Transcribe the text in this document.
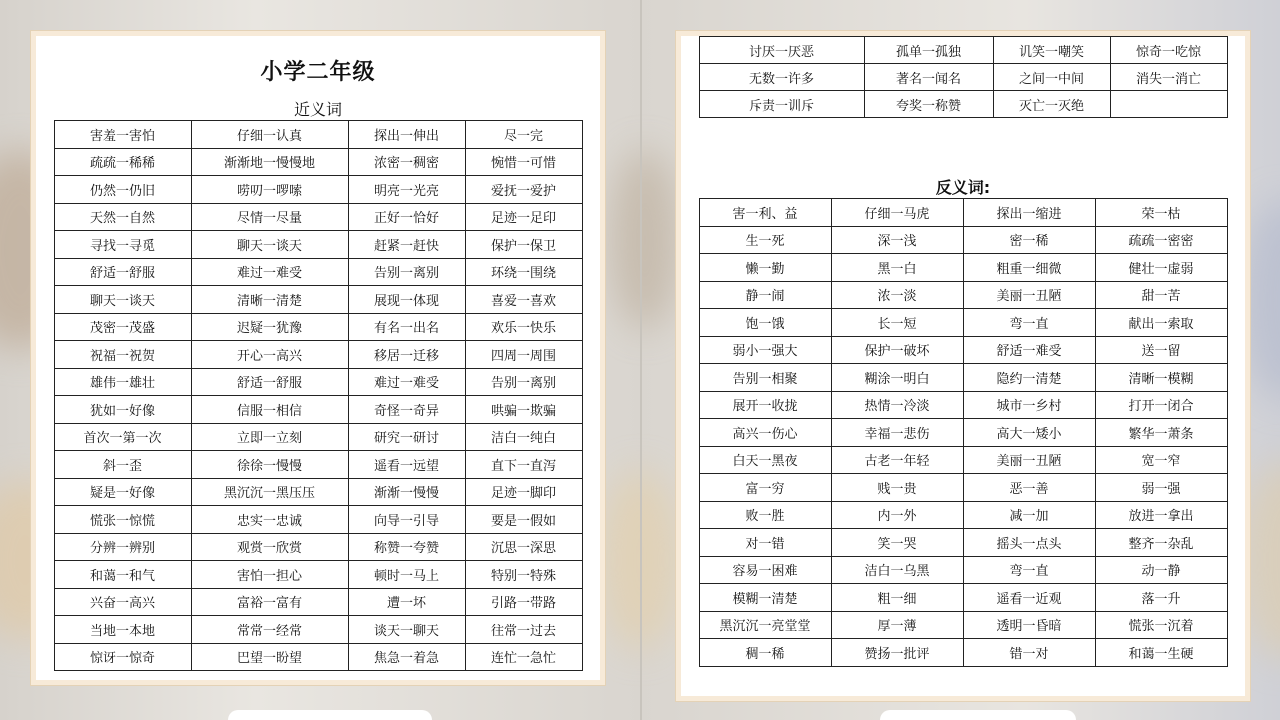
小学二年级
近义词
害羞一害怕	仔细一认真	探出一伸出	尽一完
疏疏一稀稀	渐渐地一慢慢地	浓密一稠密	惋惜一可惜
仍然一仍旧	唠叨一啰嗦	明亮一光亮	爱抚一爱护
天然一自然	尽情一尽量	正好一恰好	足迹一足印
寻找一寻觅	聊天一谈天	赶紧一赶快	保护一保卫
舒适一舒服	难过一难受	告别一离别	环绕一围绕
聊天一谈天	清晰一清楚	展现一体现	喜爱一喜欢
茂密一茂盛	迟疑一犹豫	有名一出名	欢乐一快乐
祝福一祝贺	开心一高兴	移居一迁移	四周一周围
雄伟一雄壮	舒适一舒服	难过一难受	告别一离别
犹如一好像	信服一相信	奇怪一奇异	哄骗一欺骗
首次一第一次	立即一立刻	研究一研讨	洁白一纯白
斜一歪	徐徐一慢慢	遥看一远望	直下一直泻
疑是一好像	黑沉沉一黑压压	渐渐一慢慢	足迹一脚印
慌张一惊慌	忠实一忠诚	向导一引导	要是一假如
分辨一辨别	观赏一欣赏	称赞一夸赞	沉思一深思
和蔼一和气	害怕一担心	顿时一马上	特别一特殊
兴奋一高兴	富裕一富有	遭一坏	引路一带路
当地一本地	常常一经常	谈天一聊天	往常一过去
惊讶一惊奇	巴望一盼望	焦急一着急	连忙一急忙
讨厌一厌恶	孤单一孤独	讥笑一嘲笑	惊奇一吃惊
无数一许多	著名一闻名	之间一中间	消失一消亡
斥责一训斥	夸奖一称赞	灭亡一灭绝	
反义词:
害一利、益	仔细一马虎	探出一缩进	荣一枯
生一死	深一浅	密一稀	疏疏一密密
懒一勤	黑一白	粗重一细微	健壮一虚弱
静一闹	浓一淡	美丽一丑陋	甜一苦
饱一饿	长一短	弯一直	献出一索取
弱小一强大	保护一破坏	舒适一难受	送一留
告别一相聚	糊涂一明白	隐约一清楚	清晰一模糊
展开一收拢	热情一冷淡	城市一乡村	打开一闭合
高兴一伤心	幸福一悲伤	高大一矮小	繁华一萧条
白天一黑夜	古老一年轻	美丽一丑陋	宽一窄
富一穷	贱一贵	恶一善	弱一强
败一胜	内一外	减一加	放进一拿出
对一错	笑一哭	摇头一点头	整齐一杂乱
容易一困难	洁白一乌黑	弯一直	动一静
模糊一清楚	粗一细	遥看一近观	落一升
黑沉沉一亮堂堂	厚一薄	透明一昏暗	慌张一沉着
稠一稀	赞扬一批评	错一对	和蔼一生硬
